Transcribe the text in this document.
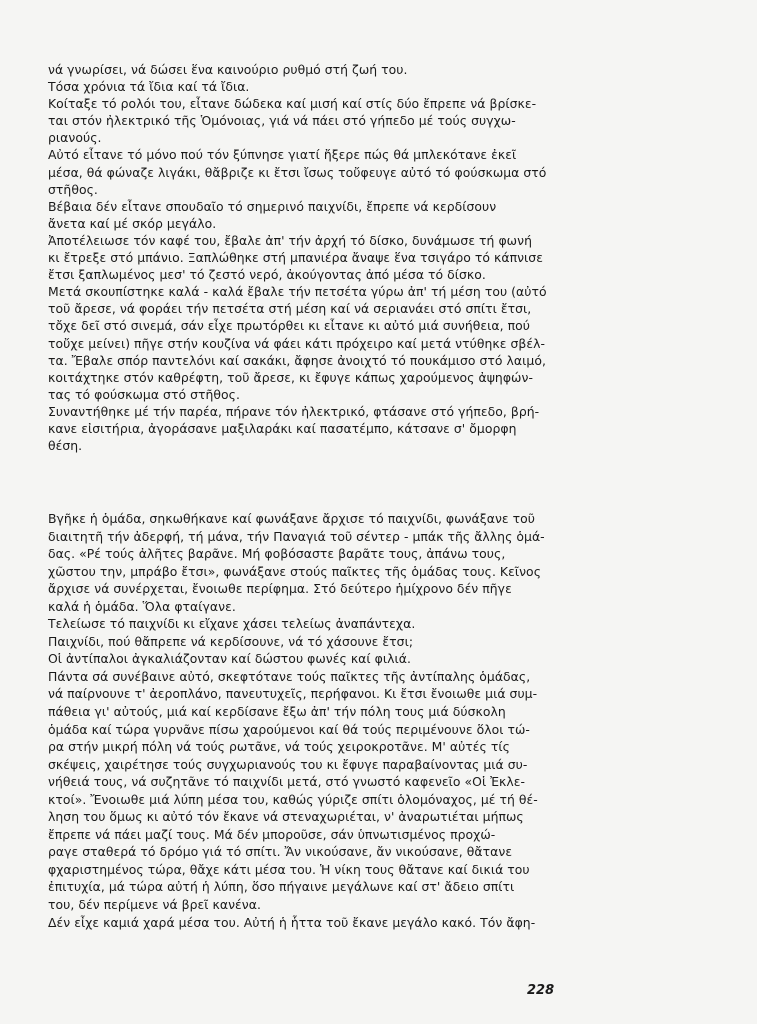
νά γνωρίσει, νά δώσει ἕνα καινούριο ρυθμό στή ζωή του.
Τόσα χρόνια τά ἴδια καί τά ἴδια.
Κοίταξε τό ρολόι του, εἶτανε δώδεκα καί μισή καί στίς δύο ἔπρεπε νά βρίσκε-
ται στόν ἠλεκτρικό τῆς Ὁμόνοιας, γιά νά πάει στό γήπεδο μέ τούς συγχω-
ριανούς.
Αὐτό εἶτανε τό μόνο πού τόν ξύπνησε γιατί ἤξερε πώς θά μπλεκότανε ἐκεῖ
μέσα, θά φώναζε λιγάκι, θἄβριζε κι ἔτσι ἴσως τοὔφευγε αὐτό τό φούσκωμα στό
στῆθος.
Βέβαια δέν εἶτανε σπουδαῖο τό σημερινό παιχνίδι, ἔπρεπε νά κερδίσουν
ἄνετα καί μέ σκόρ μεγάλο.
Ἀποτέλειωσε τόν καφέ του, ἔβαλε ἀπ' τήν ἀρχή τό δίσκο, δυνάμωσε τή φωνή
κι ἔτρεξε στό μπάνιο. Ξαπλώθηκε στή μπανιέρα ἄναψε ἕνα τσιγάρο τό κάπνισε
ἔτσι ξαπλωμένος μεσ' τό ζεστό νερό, ἀκούγοντας ἀπό μέσα τό δίσκο.
Μετά σκουπίστηκε καλά - καλά ἔβαλε τήν πετσέτα γύρω ἀπ' τή μέση του (αὐτό
τοῦ ἄρεσε, νά φοράει τήν πετσέτα στή μέση καί νά σεριανάει στό σπίτι ἔτσι,
τὄχε δεῖ στό σινεμά, σάν εἶχε πρωτόρθει κι εἶτανε κι αὐτό μιά συνήθεια, πού
τοὔχε μείνει) πῆγε στήν κουζίνα νά φάει κάτι πρόχειρο καί μετά ντύθηκε σβέλ-
τα. Ἔβαλε σπόρ παντελόνι καί σακάκι, ἄφησε ἀνοιχτό τό πουκάμισο στό λαιμό,
κοιτάχτηκε στόν καθρέφτη, τοῦ ἄρεσε, κι ἔφυγε κάπως χαρούμενος ἀψηφών-
τας τό φούσκωμα στό στῆθος.
Συναντήθηκε μέ τήν παρέα, πήρανε τόν ἠλεκτρικό, φτάσανε στό γήπεδο, βρή-
κανε εἰσιτήρια, ἀγοράσανε μαξιλαράκι καί πασατέμπο, κάτσανε σ' ὄμορφη
θέση.
Βγῆκε ἡ ὁμάδα, σηκωθήκανε καί φωνάξανε ἄρχισε τό παιχνίδι, φωνάξανε τοῦ
διαιτητῆ τήν ἀδερφή, τή μάνα, τήν Παναγιά τοῦ σέντερ - μπάκ τῆς ἄλλης ὁμά-
δας. «Ρέ τούς ἀλῆτες βαρᾶνε. Μή φοβόσαστε βαρᾶτε τους, ἀπάνω τους,
χῶστου την, μπράβο ἔτσι», φωνάξανε στούς παῖκτες τῆς ὁμάδας τους. Κεῖνος
ἄρχισε νά συνέρχεται, ἔνοιωθε περίφημα. Στό δεύτερο ἡμίχρονο δέν πῆγε
καλά ἡ ὁμάδα. Ὅλα φταίγανε.
Τελείωσε τό παιχνίδι κι εἴχανε χάσει τελείως ἀναπάντεχα.
Παιχνίδι, πού θἄπρεπε νά κερδίσουνε, νά τό χάσουνε ἔτσι;
Οἱ ἀντίπαλοι ἀγκαλιάζονταν καί δώστου φωνές καί φιλιά.
Πάντα σά συνέβαινε αὐτό, σκεφτότανε τούς παῖκτες τῆς ἀντίπαλης ὁμάδας,
νά παίρνουνε τ' ἀεροπλάνο, πανευτυχεῖς, περήφανοι. Κι ἔτσι ἔνοιωθε μιά συμ-
πάθεια γι' αὐτούς, μιά καί κερδίσανε ἔξω ἀπ' τήν πόλη τους μιά δύσκολη
ὁμάδα καί τώρα γυρνᾶνε πίσω χαρούμενοι καί θά τούς περιμένουνε ὅλοι τώ-
ρα στήν μικρή πόλη νά τούς ρωτᾶνε, νά τούς χειροκροτᾶνε. Μ' αὐτές τίς
σκέψεις, χαιρέτησε τούς συγχωριανούς του κι ἔφυγε παραβαίνοντας μιά συ-
νήθειά τους, νά συζητᾶνε τό παιχνίδι μετά, στό γνωστό καφενεῖο «Οἱ Ἐκλε-
κτοί». Ἔνοιωθε μιά λύπη μέσα του, καθώς γύριζε σπίτι ὁλομόναχος, μέ τή θέ-
ληση του ὅμως κι αὐτό τόν ἔκανε νά στεναχωριέται, ν' ἀναρωτιέται μήπως
ἔπρεπε νά πάει μαζί τους. Μά δέν μποροῦσε, σάν ὑπνωτισμένος προχώ-
ραγε σταθερά τό δρόμο γιά τό σπίτι. Ἄν νικούσανε, ἄν νικούσανε, θἄτανε
φχαριστημένος τώρα, θἄχε κάτι μέσα του. Ἡ νίκη τους θἄτανε καί δικιά του
ἐπιτυχία, μά τώρα αὐτή ἡ λύπη, ὅσο πήγαινε μεγάλωνε καί στ' ἄδειο σπίτι
του, δέν περίμενε νά βρεῖ κανένα.
Δέν εἶχε καμιά χαρά μέσα του. Αὐτή ἡ ἧττα τοῦ ἔκανε μεγάλο κακό. Τόν ἄφη-
228
